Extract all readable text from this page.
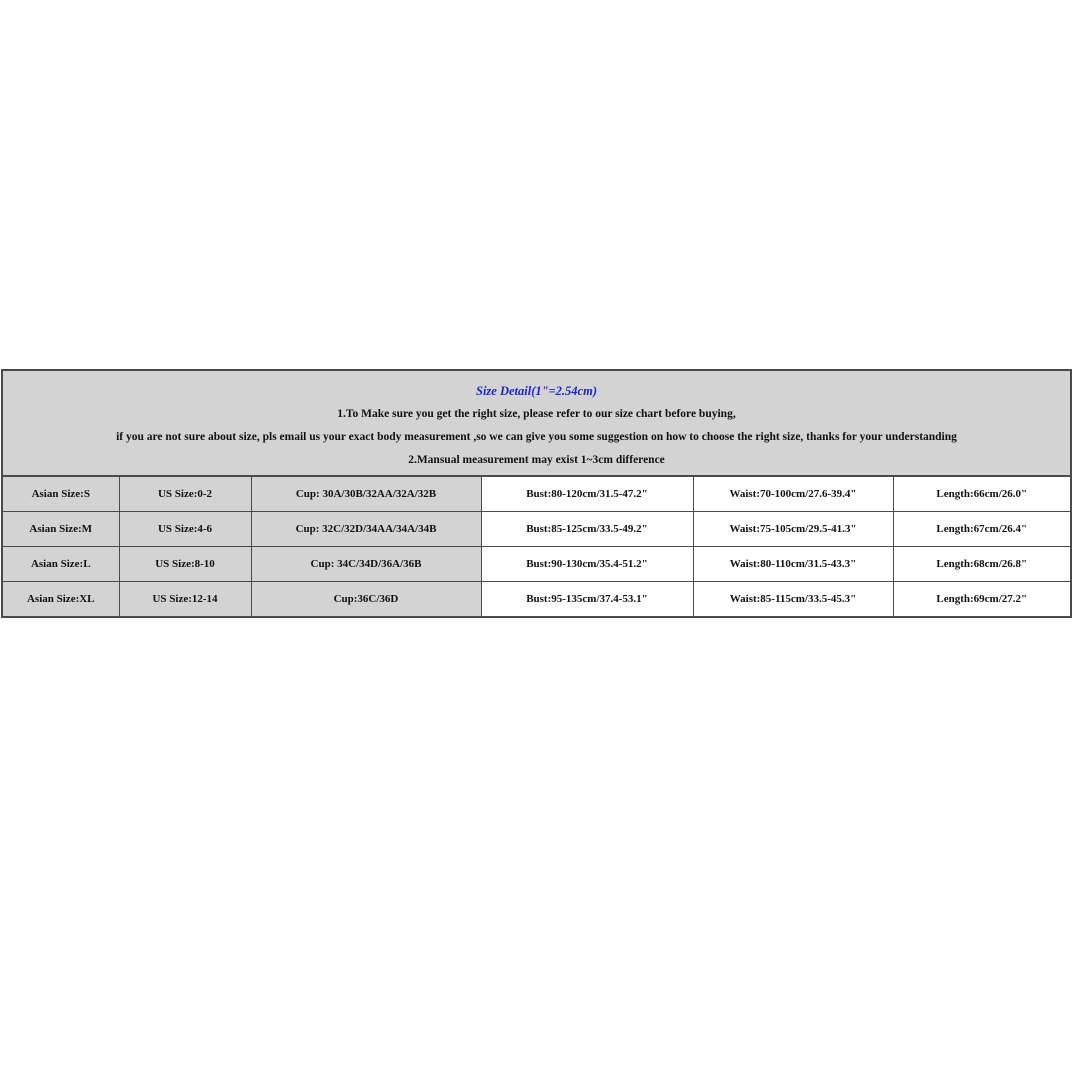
Size Detail(1"=2.54cm)
1.To Make sure you get the right size, please refer to our size chart before buying,
if you are not sure about size, pls email us your exact body measurement ,so we can give you some suggestion on how to choose the right size, thanks for your understanding
2.Mansual measurement may exist 1~3cm difference
Asian Size:S	US Size:0-2	Cup: 30A/30B/32AA/32A/32B	Bust:80-120cm/31.5-47.2"	Waist:70-100cm/27.6-39.4"	Length:66cm/26.0"
Asian Size:M	US Size:4-6	Cup: 32C/32D/34AA/34A/34B	Bust:85-125cm/33.5-49.2"	Waist:75-105cm/29.5-41.3"	Length:67cm/26.4"
Asian Size:L	US Size:8-10	Cup: 34C/34D/36A/36B	Bust:90-130cm/35.4-51.2"	Waist:80-110cm/31.5-43.3"	Length:68cm/26.8"
Asian Size:XL	US Size:12-14	Cup:36C/36D	Bust:95-135cm/37.4-53.1"	Waist:85-115cm/33.5-45.3"	Length:69cm/27.2"
